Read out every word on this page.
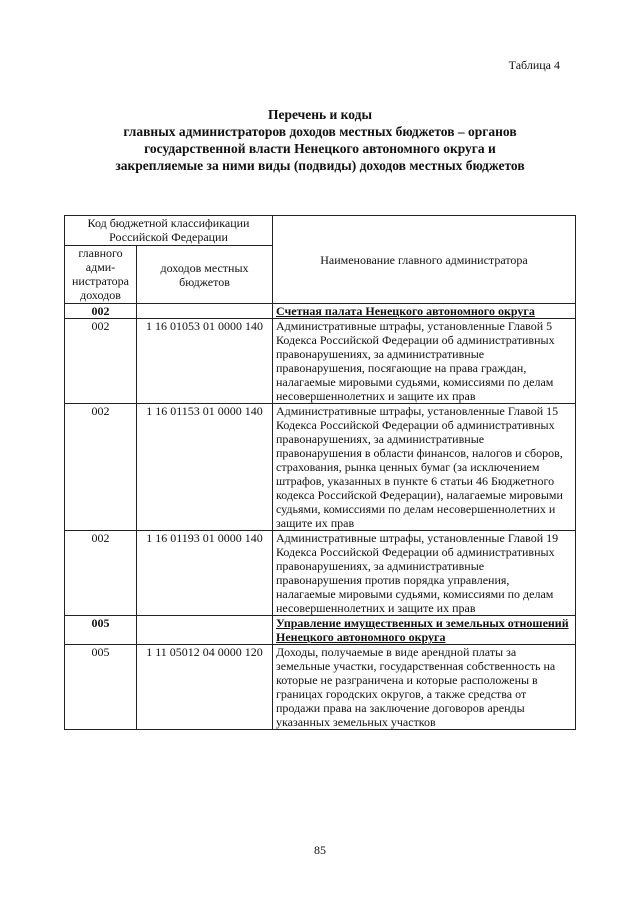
Таблица 4
Перечень и коды
главных администраторов доходов местных бюджетов – органов
государственной власти Ненецкого автономного округа и
закрепляемые за ними виды (подвиды) доходов местных бюджетов
Код бюджетной классификации Российской Федерации		Наименование главного администратора
главного адми-нистратора доходов	доходов местных бюджетов	
002		Счетная палата Ненецкого автономного округа
002	1 16 01053 01 0000 140	Административные штрафы, установленные Главой 5 Кодекса Российской Федерации об административных правонарушениях, за административные правонарушения, посягающие на права граждан, налагаемые мировыми судьями, комиссиями по делам несовершеннолетних и защите их прав
002	1 16 01153 01 0000 140	Административные штрафы, установленные Главой 15 Кодекса Российской Федерации об административных правонарушениях, за административные правонарушения в области финансов, налогов и сборов, страхования, рынка ценных бумаг (за исключением штрафов, указанных в пункте 6 статьи 46 Бюджетного кодекса Российской Федерации), налагаемые мировыми судьями, комиссиями по делам несовершеннолетних и защите их прав
002	1 16 01193 01 0000 140	Административные штрафы, установленные Главой 19 Кодекса Российской Федерации об административных правонарушениях, за административные правонарушения против порядка управления, налагаемые мировыми судьями, комиссиями по делам несовершеннолетних и защите их прав
005		Управление имущественных и земельных отношений Ненецкого автономного округа
005	1 11 05012 04 0000 120	Доходы, получаемые в виде арендной платы за земельные участки, государственная собственность на которые не разграничена и которые расположены в границах городских округов, а также средства от продажи права на заключение договоров аренды указанных земельных участков
85
